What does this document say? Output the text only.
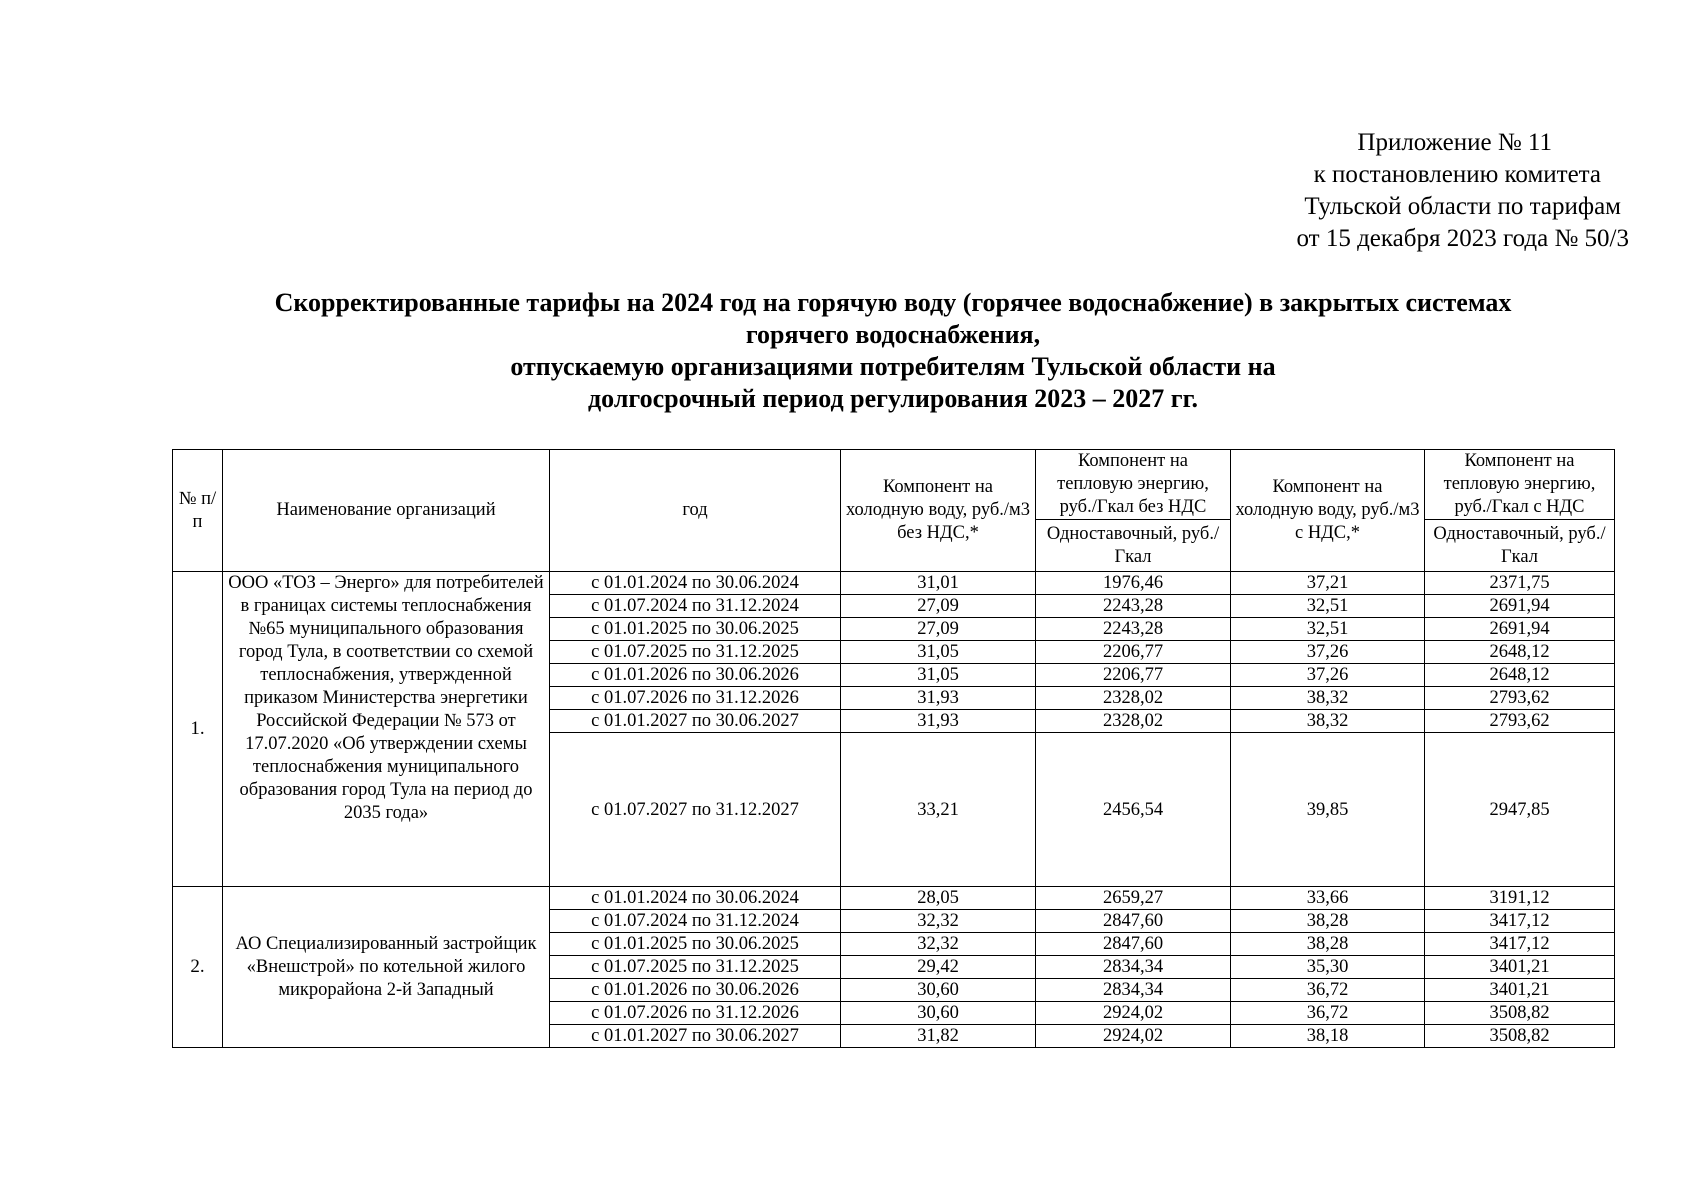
Приложение № 11
к постановлению комитета
Тульской области по тарифам
от 15 декабря 2023 года № 50/3
Скорректированные тарифы на 2024 год на горячую воду (горячее водоснабжение) в закрытых системах
горячего водоснабжения,
отпускаемую организациями потребителям Тульской области на
долгосрочный период регулирования 2023 – 2027 гг.
№ п/п	Наименование организаций	год	Компонент на холодную воду, руб./м3 без НДС,*	Компонент на тепловую энергию, руб./Гкал без НДС	Компонент на холодную воду, руб./м3 с НДС,*	Компонент на тепловую энергию, руб./Гкал с НДС
				Одноставочный, руб./Гкал		Одноставочный, руб./Гкал
1.	ООО «ТОЗ – Энерго» для потребителей в границах системы теплоснабжения №65 муниципального образования город Тула, в соответствии со схемой теплоснабжения, утвержденной приказом Министерства энергетики Российской Федерации № 573 от 17.07.2020 «Об утверждении схемы теплоснабжения муниципального образования город Тула на период до 2035 года»	с 01.01.2024 по 30.06.2024	31,01	1976,46	37,21	2371,75
		с 01.07.2024 по 31.12.2024	27,09	2243,28	32,51	2691,94
		с 01.01.2025 по 30.06.2025	27,09	2243,28	32,51	2691,94
		с 01.07.2025 по 31.12.2025	31,05	2206,77	37,26	2648,12
		с 01.01.2026 по 30.06.2026	31,05	2206,77	37,26	2648,12
		с 01.07.2026 по 31.12.2026	31,93	2328,02	38,32	2793,62
		с 01.01.2027 по 30.06.2027	31,93	2328,02	38,32	2793,62
		с 01.07.2027 по 31.12.2027	33,21	2456,54	39,85	2947,85
2.	АО Специализированный застройщик «Внешстрой» по котельной жилого микрорайона 2-й Западный	с 01.01.2024 по 30.06.2024	28,05	2659,27	33,66	3191,12
		с 01.07.2024 по 31.12.2024	32,32	2847,60	38,28	3417,12
		с 01.01.2025 по 30.06.2025	32,32	2847,60	38,28	3417,12
		с 01.07.2025 по 31.12.2025	29,42	2834,34	35,30	3401,21
		с 01.01.2026 по 30.06.2026	30,60	2834,34	36,72	3401,21
		с 01.07.2026 по 31.12.2026	30,60	2924,02	36,72	3508,82
		с 01.01.2027 по 30.06.2027	31,82	2924,02	38,18	3508,82
